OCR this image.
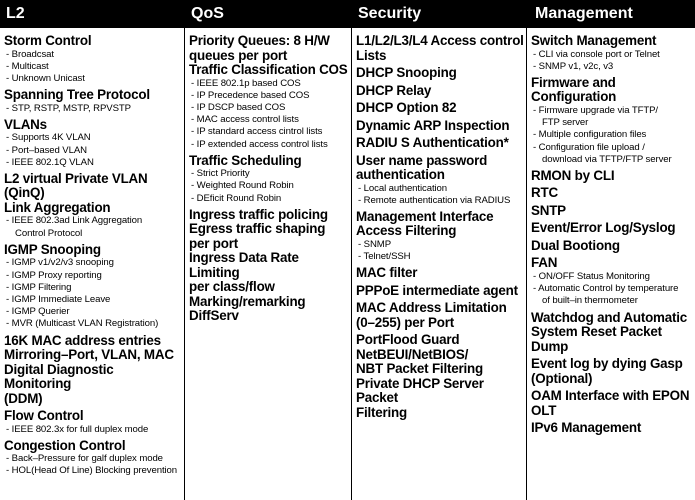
L2
Storm Control
- Broadcsat
- Multicast
- Unknown Unicast
Spanning Tree Protocol
- STP, RSTP, MSTP, RPVSTP
VLANs
- Supports 4K VLAN
- Port–based VLAN
- IEEE 802.1Q VLAN
L2 virtual Private VLAN (QinQ)
Link Aggregation
- IEEE 802.3ad Link Aggregation
Control Protocol
IGMP Snooping
- IGMP v1/v2/v3 snooping
- IGMP Proxy reporting
- IGMP Filtering
- IGMP Immediate Leave
- IGMP Querier
- MVR (Multicast VLAN Registration)
16K MAC address entries
Mirroring–Port, VLAN, MAC
Digital Diagnostic Monitoring
(DDM)
Flow Control
- IEEE 802.3x for full duplex mode
Congestion Control
- Back–Pressure for galf duplex mode
- HOL(Head Of Line) Blocking prevention
QoS
Priority Queues: 8 H/W
queues per port
Traffic Classification COS
- IEEE 802.1p based COS
- IP Precedence based COS
- IP DSCP based COS
- MAC access control lists
- IP standard access cintrol lists
- IP extended access control lists
Traffic Scheduling
- Strict Priority
- Weighted Round Robin
- DEficit Round Robin
Ingress traffic policing
Egress traffic shaping
per port
Ingress Data Rate Limiting
per class/flow
Marking/remarking
DiffServ
Security
L1/L2/L3/L4 Access control
Lists
DHCP Snooping
DHCP Relay
DHCP Option 82
Dynamic ARP Inspection
RADIU S Authentication*
User name password
authentication
- Local authentication
- Remote authentication via RADIUS
Management Interface
Access Filtering
- SNMP
- Telnet/SSH
MAC filter
PPPoE intermediate agent
MAC Address Limitation
(0–255) per Port
PortFlood Guard
NetBEUI/NetBIOS/
NBT Packet Filtering
Private DHCP Server Packet
Filtering
Management
Switch Management
- CLI via console port or Telnet
- SNMP v1, v2c, v3
Firmware and Configuration
- Firmware upgrade via TFTP/
FTP server
- Multiple configuration files
- Configuration file upload /
download via TFTP/FTP server
RMON by CLI
RTC
SNTP
Event/Error Log/Syslog
Dual Bootiong
FAN
- ON/OFF Status Monitoring
- Automatic Control by temperature
of built–in thermometer
Watchdog and Automatic
System Reset Packet Dump
Event log by dying Gasp
(Optional)
OAM Interface with EPON OLT
IPv6 Management
